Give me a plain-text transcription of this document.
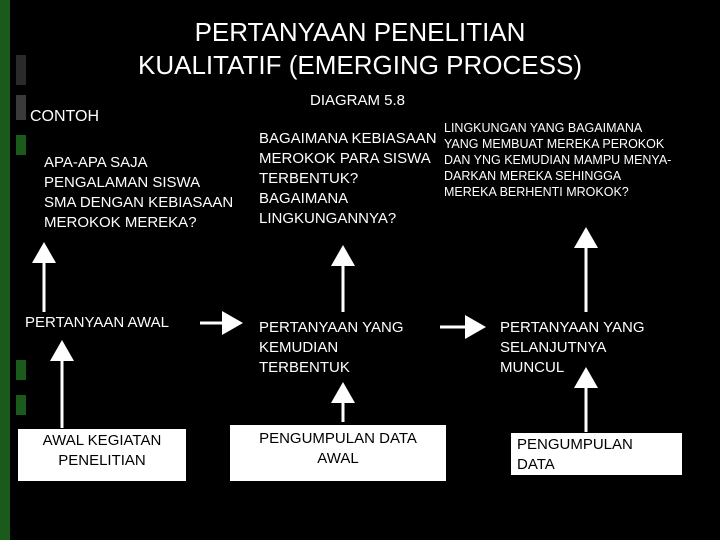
PERTANYAAN PENELITIAN
KUALITATIF (EMERGING PROCESS)
DIAGRAM 5.8
CONTOH
APA-APA SAJA
PENGALAMAN SISWA
SMA DENGAN KEBIASAAN
MEROKOK MEREKA?
BAGAIMANA KEBIASAAN
MEROKOK PARA SISWA
TERBENTUK?
BAGAIMANA
LINGKUNGANNYA?
LINGKUNGAN YANG BAGAIMANA
YANG MEMBUAT MEREKA PEROKOK
DAN YNG KEMUDIAN MAMPU MENYA-
DARKAN MEREKA SEHINGGA
MEREKA BERHENTI MROKOK?
PERTANYAAN AWAL	PERTANYAAN YANG
KEMUDIAN
TERBENTUK
PERTANYAAN YANG
SELANJUTNYA
MUNCUL
AWAL KEGIATAN
PENELITIAN
PENGUMPULAN DATA
AWAL
PENGUMPULAN
DATA
SELANJUTNYA
